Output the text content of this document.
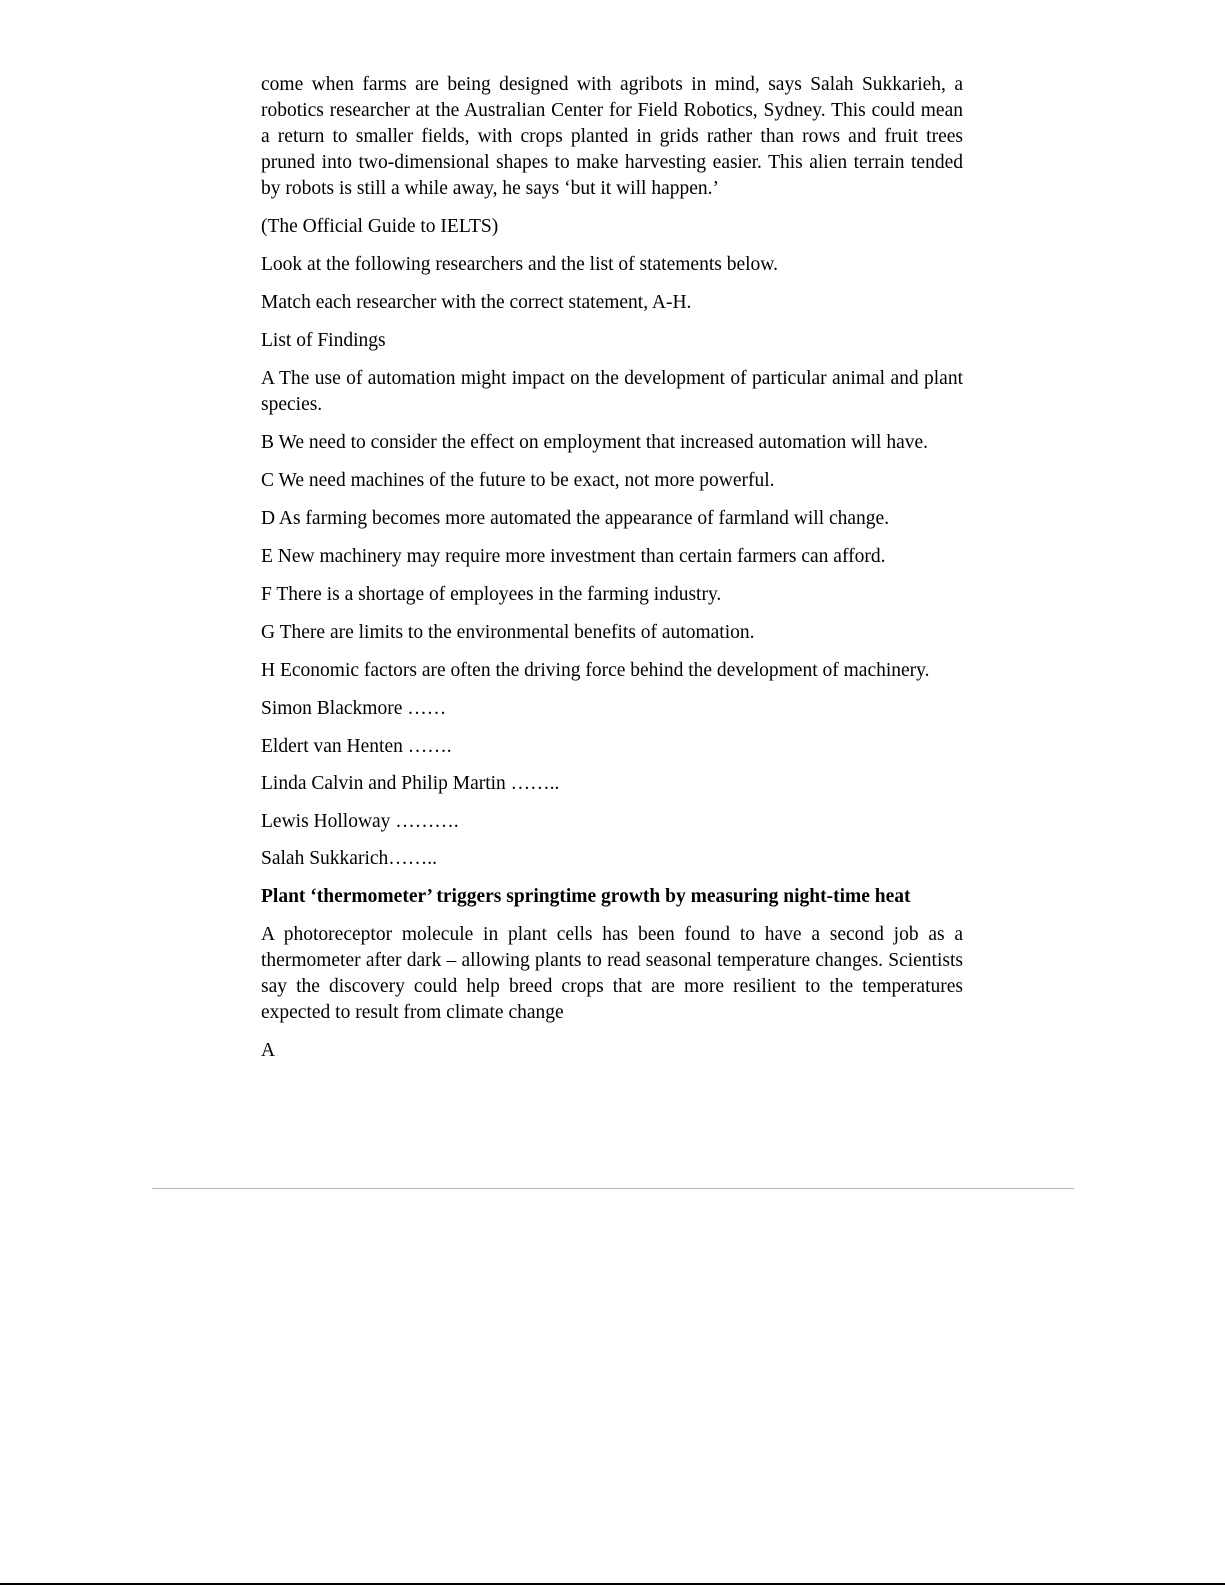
come when farms are being designed with agribots in mind, says Salah Sukkarieh, a robotics researcher at the Australian Center for Field Robotics, Sydney. This could mean a return to smaller fields, with crops planted in grids rather than rows and fruit trees pruned into two-dimensional shapes to make harvesting easier. This alien terrain tended by robots is still a while away, he says ‘but it will happen.’

(The Official Guide to IELTS)

Look at the following researchers and the list of statements below.

Match each researcher with the correct statement, A-H.

List of Findings

A The use of automation might impact on the development of particular animal and plant species.

B We need to consider the effect on employment that increased automation will have.

C We need machines of the future to be exact, not more powerful.

D As farming becomes more automated the appearance of farmland will change.

E New machinery may require more investment than certain farmers can afford.

F There is a shortage of employees in the farming industry.

G There are limits to the environmental benefits of automation.

H Economic factors are often the driving force behind the development of machinery.

Simon Blackmore ……

Eldert van Henten …….

Linda Calvin and Philip Martin ……..

Lewis Holloway ……….

Salah Sukkarich……..

Plant ‘thermometer’ triggers springtime growth by measuring night-time heat

A photoreceptor molecule in plant cells has been found to have a second job as a thermometer after dark – allowing plants to read seasonal temperature changes. Scientists say the discovery could help breed crops that are more resilient to the temperatures expected to result from climate change

A
